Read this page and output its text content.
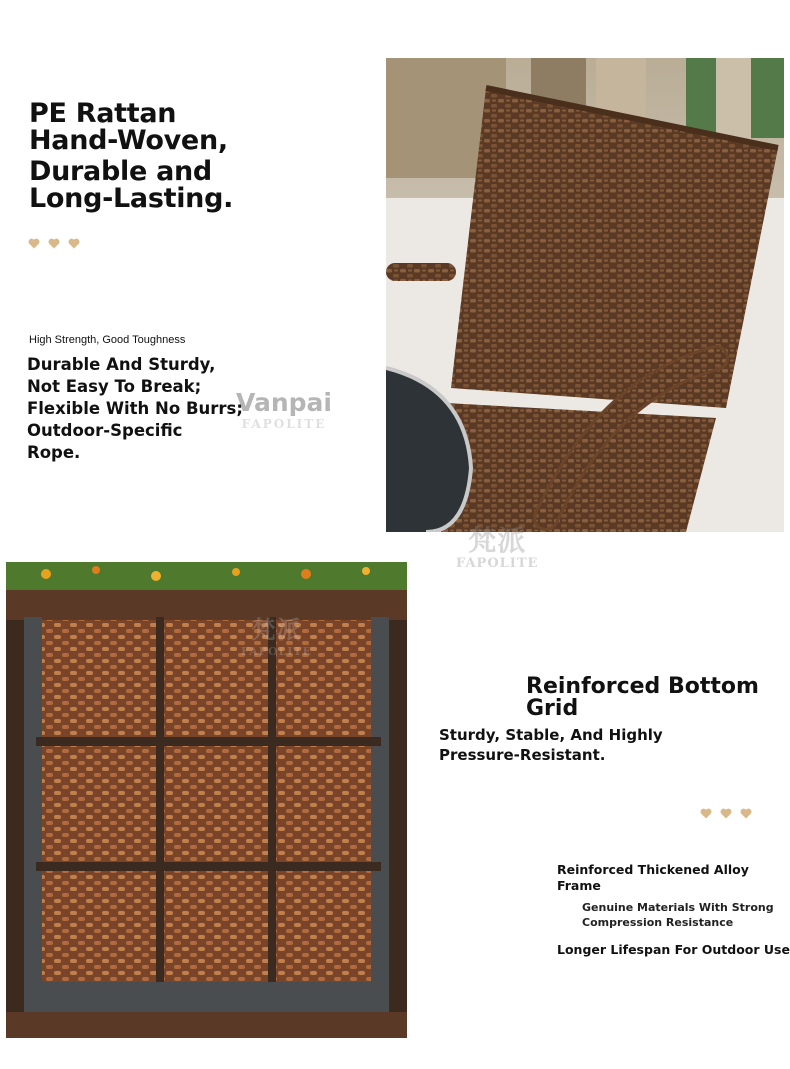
PE Rattan
Hand-Woven,
Durable and
Long-Lasting.
High Strength, Good Toughness
Durable And Sturdy,
Not Easy To Break;
Flexible With No Burrs;
Outdoor-Specific
Rope.
Vanpai
FAPOLITE
梵派
FAPOLITE
梵派
FAPOLITE
Reinforced Bottom
Grid
Sturdy, Stable, And Highly
Pressure-Resistant.
Reinforced Thickened Alloy
Frame
Genuine Materials With Strong
Compression Resistance
Longer Lifespan For Outdoor Use
